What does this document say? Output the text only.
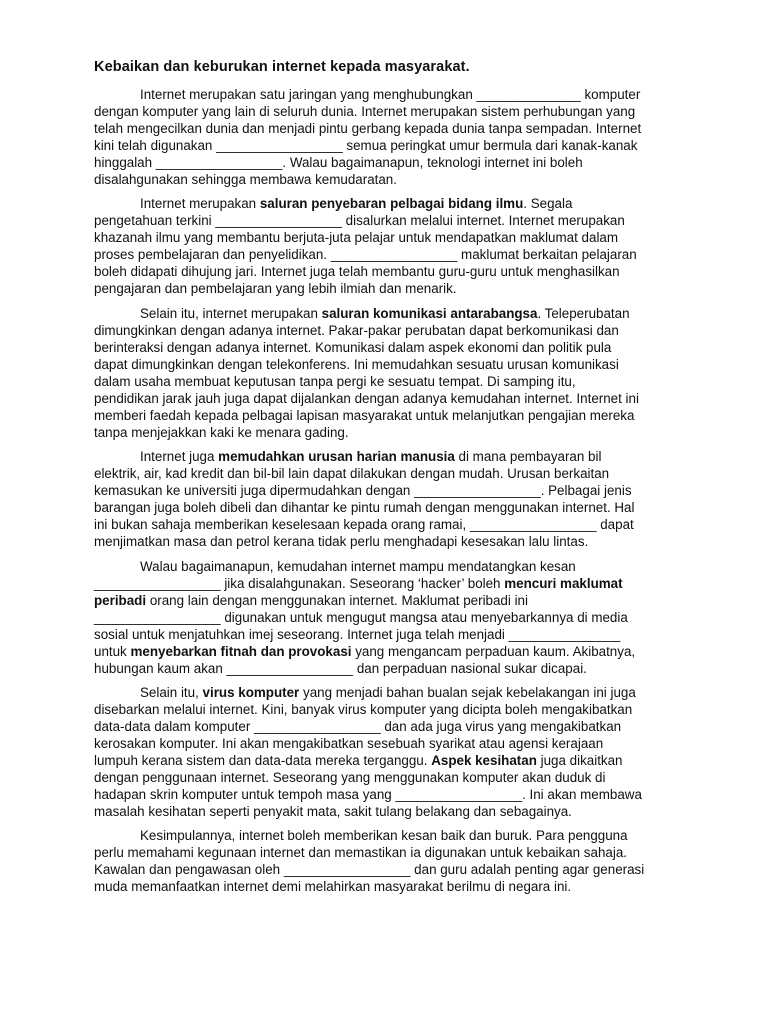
Kebaikan dan keburukan internet kepada masyarakat.
Internet merupakan satu jaringan yang menghubungkan ______________ komputer
dengan komputer yang lain di seluruh dunia. Internet merupakan sistem perhubungan yang
telah mengecilkan dunia dan menjadi pintu gerbang kepada dunia tanpa sempadan. Internet
kini telah digunakan _________________ semua peringkat umur bermula dari kanak-kanak
hinggalah _________________. Walau bagaimanapun, teknologi internet ini boleh
disalahgunakan sehingga membawa kemudaratan.
Internet merupakan saluran penyebaran pelbagai bidang ilmu. Segala
pengetahuan terkini _________________ disalurkan melalui internet. Internet merupakan
khazanah ilmu yang membantu berjuta-juta pelajar untuk mendapatkan maklumat dalam
proses pembelajaran dan penyelidikan. _________________ maklumat berkaitan pelajaran
boleh didapati dihujung jari. Internet juga telah membantu guru-guru untuk menghasilkan
pengajaran dan pembelajaran yang lebih ilmiah dan menarik.
Selain itu, internet merupakan saluran komunikasi antarabangsa. Teleperubatan
dimungkinkan dengan adanya internet. Pakar-pakar perubatan dapat berkomunikasi dan
berinteraksi dengan adanya internet. Komunikasi dalam aspek ekonomi dan politik pula
dapat dimungkinkan dengan telekonferens. Ini memudahkan sesuatu urusan komunikasi
dalam usaha membuat keputusan tanpa pergi ke sesuatu tempat. Di samping itu,
pendidikan jarak jauh juga dapat dijalankan dengan adanya kemudahan internet. Internet ini
memberi faedah kepada pelbagai lapisan masyarakat untuk melanjutkan pengajian mereka
tanpa menjejakkan kaki ke menara gading.
Internet juga memudahkan urusan harian manusia di mana pembayaran bil
elektrik, air, kad kredit dan bil-bil lain dapat dilakukan dengan mudah. Urusan berkaitan
kemasukan ke universiti juga dipermudahkan dengan _________________. Pelbagai jenis
barangan juga boleh dibeli dan dihantar ke pintu rumah dengan menggunakan internet. Hal
ini bukan sahaja memberikan keselesaan kepada orang ramai, _________________ dapat
menjimatkan masa dan petrol kerana tidak perlu menghadapi kesesakan lalu lintas.
Walau bagaimanapun, kemudahan internet mampu mendatangkan kesan
_________________ jika disalahgunakan. Seseorang ‘hacker’ boleh mencuri maklumat
peribadi orang lain dengan menggunakan internet. Maklumat peribadi ini
_________________ digunakan untuk mengugut mangsa atau menyebarkannya di media
sosial untuk menjatuhkan imej seseorang. Internet juga telah menjadi _______________
untuk menyebarkan fitnah dan provokasi yang mengancam perpaduan kaum. Akibatnya,
hubungan kaum akan _________________ dan perpaduan nasional sukar dicapai.
Selain itu, virus komputer yang menjadi bahan bualan sejak kebelakangan ini juga
disebarkan melalui internet. Kini, banyak virus komputer yang dicipta boleh mengakibatkan
data-data dalam komputer _________________ dan ada juga virus yang mengakibatkan
kerosakan komputer. Ini akan mengakibatkan sesebuah syarikat atau agensi kerajaan
lumpuh kerana sistem dan data-data mereka terganggu. Aspek kesihatan juga dikaitkan
dengan penggunaan internet. Seseorang yang menggunakan komputer akan duduk di
hadapan skrin komputer untuk tempoh masa yang _________________. Ini akan membawa
masalah kesihatan seperti penyakit mata, sakit tulang belakang dan sebagainya.
Kesimpulannya, internet boleh memberikan kesan baik dan buruk. Para pengguna
perlu memahami kegunaan internet dan memastikan ia digunakan untuk kebaikan sahaja.
Kawalan dan pengawasan oleh _________________ dan guru adalah penting agar generasi
muda memanfaatkan internet demi melahirkan masyarakat berilmu di negara ini.
